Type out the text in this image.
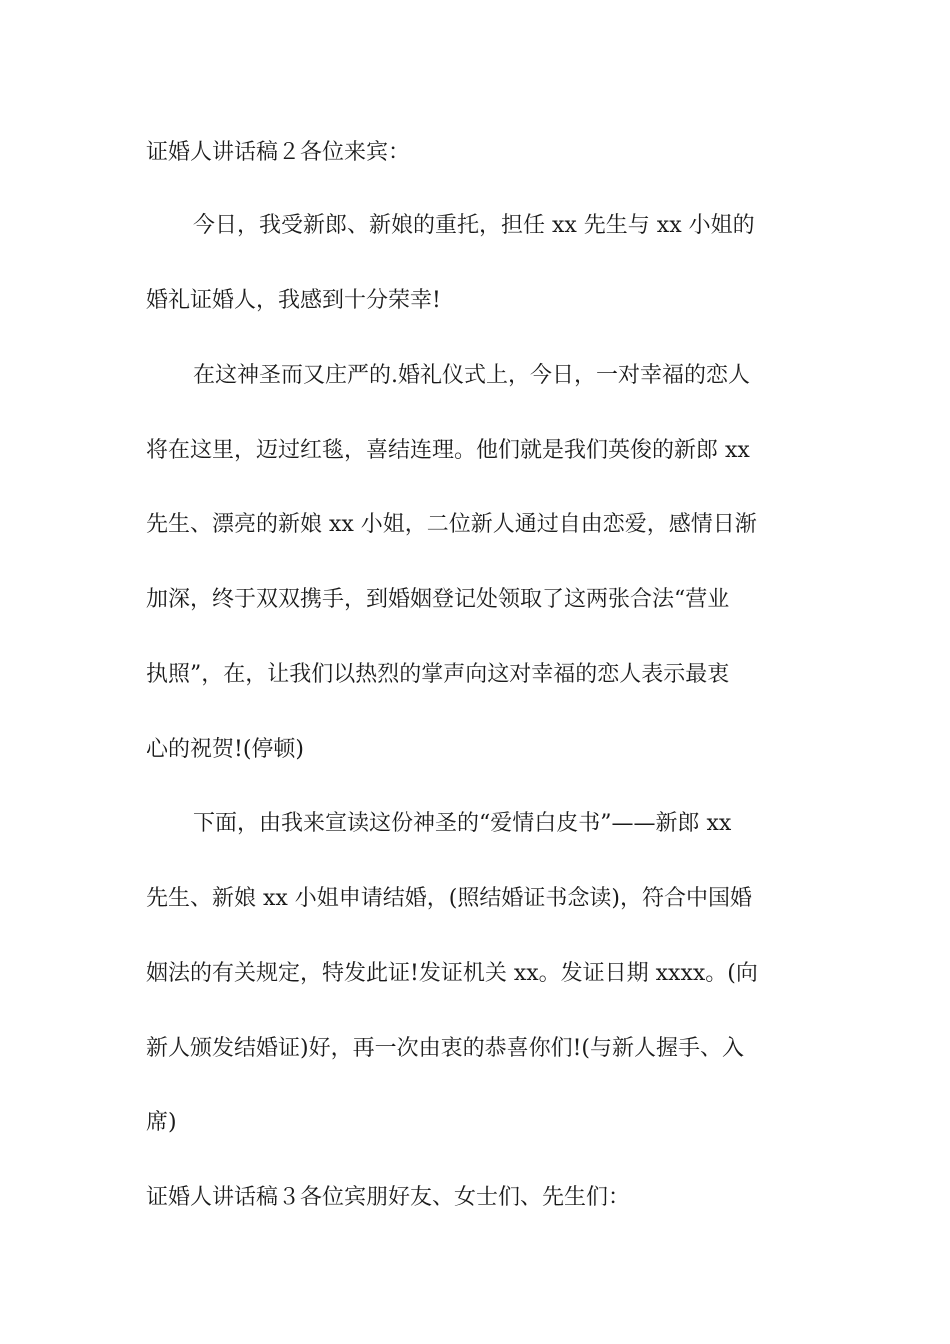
证婚人讲话稿２各位来宾：

今日，我受新郎、新娘的重托，担任 xx 先生与 xx 小姐的

婚礼证婚人，我感到十分荣幸!

在这神圣而又庄严的.婚礼仪式上，今日，一对幸福的恋人

将在这里，迈过红毯，喜结连理。他们就是我们英俊的新郎 xx

先生、漂亮的新娘 xx 小姐，二位新人通过自由恋爱，感情日渐

加深，终于双双携手，到婚姻登记处领取了这两张合法“营业

执照”，在，让我们以热烈的掌声向这对幸福的恋人表示最衷

心的祝贺!(停顿)

下面，由我来宣读这份神圣的“爱情白皮书”——新郎 xx

先生、新娘 xx 小姐申请结婚，(照结婚证书念读)，符合中国婚

姻法的有关规定，特发此证!发证机关 xx。发证日期 xxxx。(向

新人颁发结婚证)好，再一次由衷的恭喜你们!(与新人握手、入

席)

证婚人讲话稿３各位宾朋好友、女士们、先生们：
